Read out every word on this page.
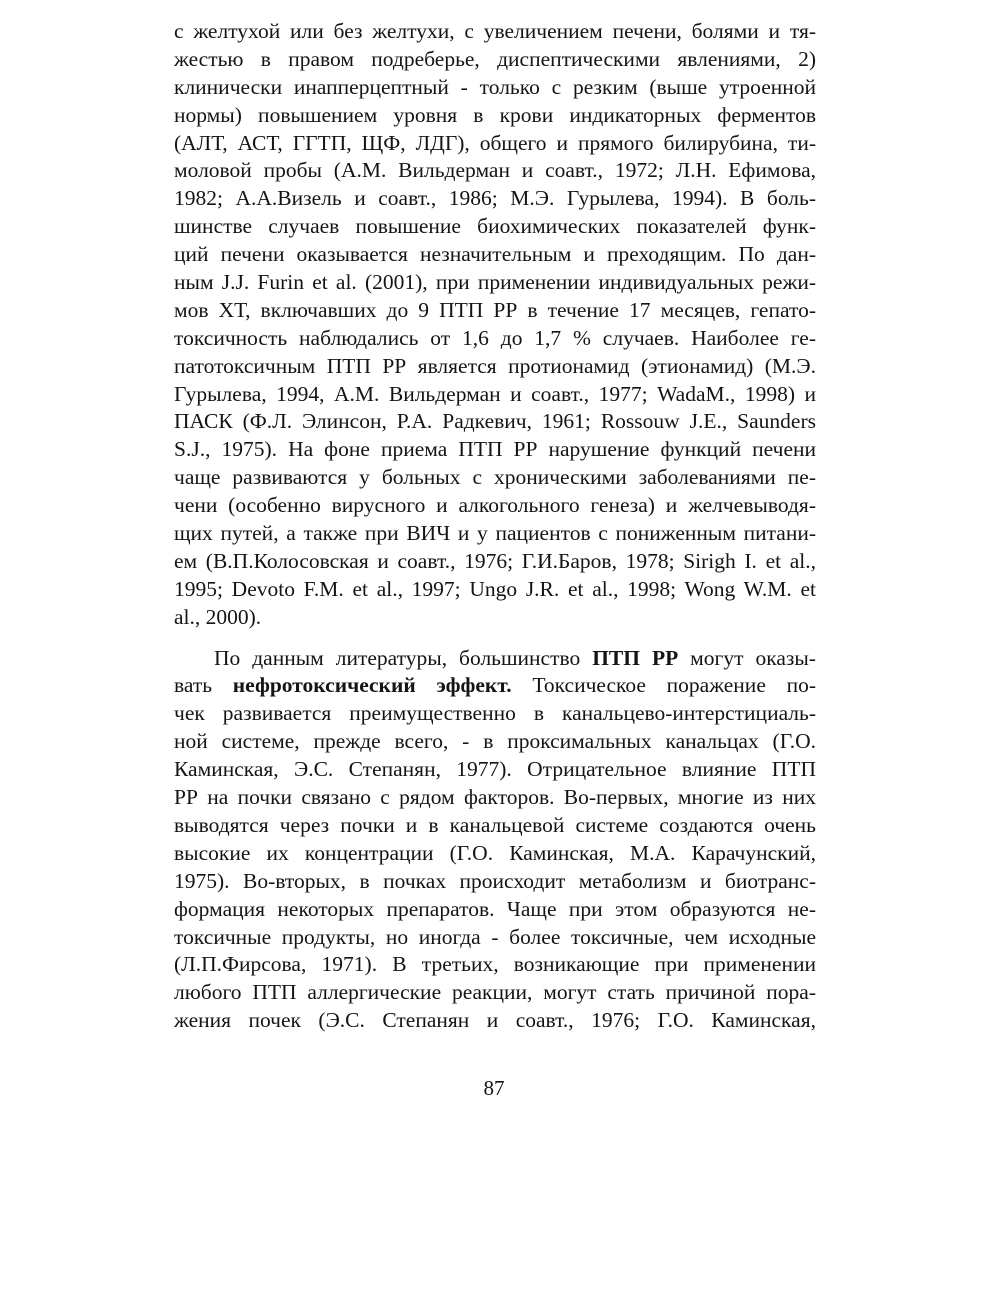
с желтухой или без желтухи, с увеличением печени, болями и тя-
жестью в правом подреберье, диспептическими явлениями, 2)
клинически инапперцептный - только с резким (выше утроенной
нормы) повышением уровня в крови индикаторных ферментов
(АЛТ, АСТ, ГГТП, ЩФ, ЛДГ), общего и прямого билирубина, ти-
моловой пробы (А.М. Вильдерман и соавт., 1972; Л.Н. Ефимова,
1982; А.А.Визель и соавт., 1986; М.Э. Гурылева, 1994). В боль-
шинстве случаев повышение биохимических показателей функ-
ций печени оказывается незначительным и преходящим. По дан-
ным J.J. Furin et al. (2001), при применении индивидуальных режи-
мов ХТ, включавших до 9 ПТП РР в течение 17 месяцев, гепато-
токсичность наблюдались от 1,6 до 1,7 % случаев. Наиболее ге-
патотоксичным ПТП РР является протионамид (этионамид) (М.Э.
Гурылева, 1994, А.М. Вильдерман и соавт., 1977; WadaM., 1998) и
ПАСК (Ф.Л. Элинсон, Р.А. Радкевич, 1961; Rossouw J.E., Saunders
S.J., 1975). На фоне приема ПТП РР нарушение функций печени
чаще развиваются у больных с хроническими заболеваниями пе-
чени (особенно вирусного и алкогольного генеза) и желчевыводя-
щих путей, а также при ВИЧ и у пациентов с пониженным питани-
ем (В.П.Колосовская и соавт., 1976; Г.И.Баров, 1978; Sirigh I. et al.,
1995; Devoto F.M. et al., 1997; Ungo J.R. et al., 1998; Wong W.M. et
al., 2000).
По данным литературы, большинство ПТП РР могут оказы-
вать нефротоксический эффект. Токсическое поражение по-
чек развивается преимущественно в канальцево-интерстициаль-
ной системе, прежде всего, - в проксимальных канальцах (Г.О.
Каминская, Э.С. Степанян, 1977). Отрицательное влияние ПТП
РР на почки связано с рядом факторов. Во-первых, многие из них
выводятся через почки и в канальцевой системе создаются очень
высокие их концентрации (Г.О. Каминская, М.А. Карачунский,
1975). Во-вторых, в почках происходит метаболизм и биотранс-
формация некоторых препаратов. Чаще при этом образуются не-
токсичные продукты, но иногда - более токсичные, чем исходные
(Л.П.Фирсова, 1971). В третьих, возникающие при применении
любого ПТП аллергические реакции, могут стать причиной пора-
жения почек (Э.С. Степанян и соавт., 1976; Г.О. Каминская,
87
